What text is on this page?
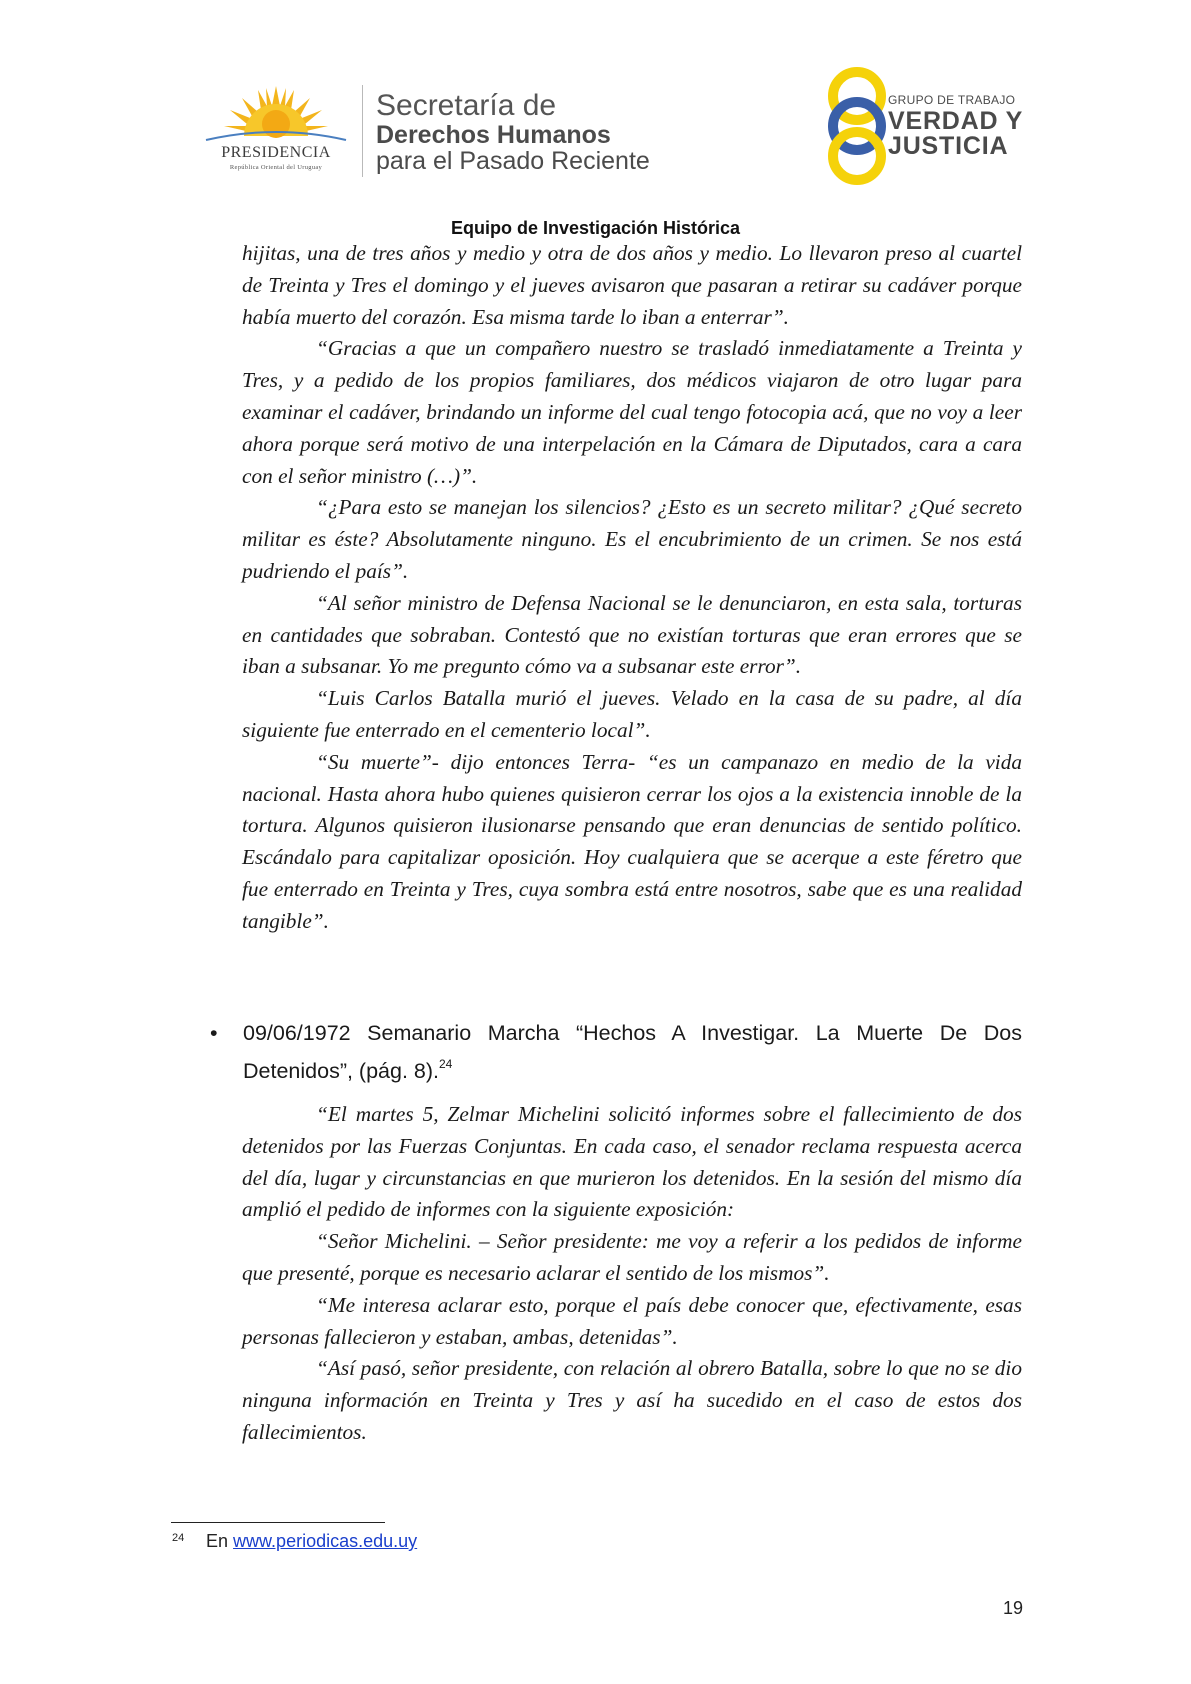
PRESIDENCIA
República Oriental del Uruguay
Secretaría de
Derechos Humanos
para el Pasado Reciente
GRUPO DE TRABAJO
VERDAD Y
JUSTICIA
Equipo de Investigación Histórica

hijitas, una de tres años y medio y otra de dos años y medio. Lo llevaron preso al cuartel de Treinta y Tres el domingo y el jueves avisaron que pasaran a retirar su cadáver porque había muerto del corazón. Esa misma tarde lo iban a enterrar”.

“Gracias a que un compañero nuestro se trasladó inmediatamente a Treinta y Tres, y a pedido de los propios familiares, dos médicos viajaron de otro lugar para examinar el cadáver, brindando un informe del cual tengo fotocopia acá, que no voy a leer ahora porque será motivo de una interpelación en la Cámara de Diputados, cara a cara con el señor ministro (…)”.

“¿Para esto se manejan los silencios? ¿Esto es un secreto militar? ¿Qué secreto militar es éste? Absolutamente ninguno. Es el encubrimiento de un crimen. Se nos está pudriendo el país”.

“Al señor ministro de Defensa Nacional se le denunciaron, en esta sala, torturas en cantidades que sobraban. Contestó que no existían torturas que eran errores que se iban a subsanar. Yo me pregunto cómo va a subsanar este error”.

“Luis Carlos Batalla murió el jueves. Velado en la casa de su padre, al día siguiente fue enterrado en el cementerio local”.

“Su muerte”- dijo entonces Terra- “es un campanazo en medio de la vida nacional. Hasta ahora hubo quienes quisieron cerrar los ojos a la existencia innoble de la tortura. Algunos quisieron ilusionarse pensando que eran denuncias de sentido político. Escándalo para capitalizar oposición. Hoy cualquiera que se acerque a este féretro que fue enterrado en Treinta y Tres, cuya sombra está entre nosotros, sabe que es una realidad tangible”.

• 09/06/1972 Semanario Marcha “Hechos A Investigar. La Muerte De Dos Detenidos”, (pág. 8).$^{24}$

“El martes 5, Zelmar Michelini solicitó informes sobre el fallecimiento de dos detenidos por las Fuerzas Conjuntas. En cada caso, el senador reclama respuesta acerca del día, lugar y circunstancias en que murieron los detenidos. En la sesión del mismo día amplió el pedido de informes con la siguiente exposición:

“Señor Michelini. – Señor presidente: me voy a referir a los pedidos de informe que presenté, porque es necesario aclarar el sentido de los mismos”.

“Me interesa aclarar esto, porque el país debe conocer que, efectivamente, esas personas fallecieron y estaban, ambas, detenidas”.

“Así pasó, señor presidente, con relación al obrero Batalla, sobre lo que no se dio ninguna información en Treinta y Tres y así ha sucedido en el caso de estos dos fallecimientos.

24 En www.periodicas.edu.uy
19
